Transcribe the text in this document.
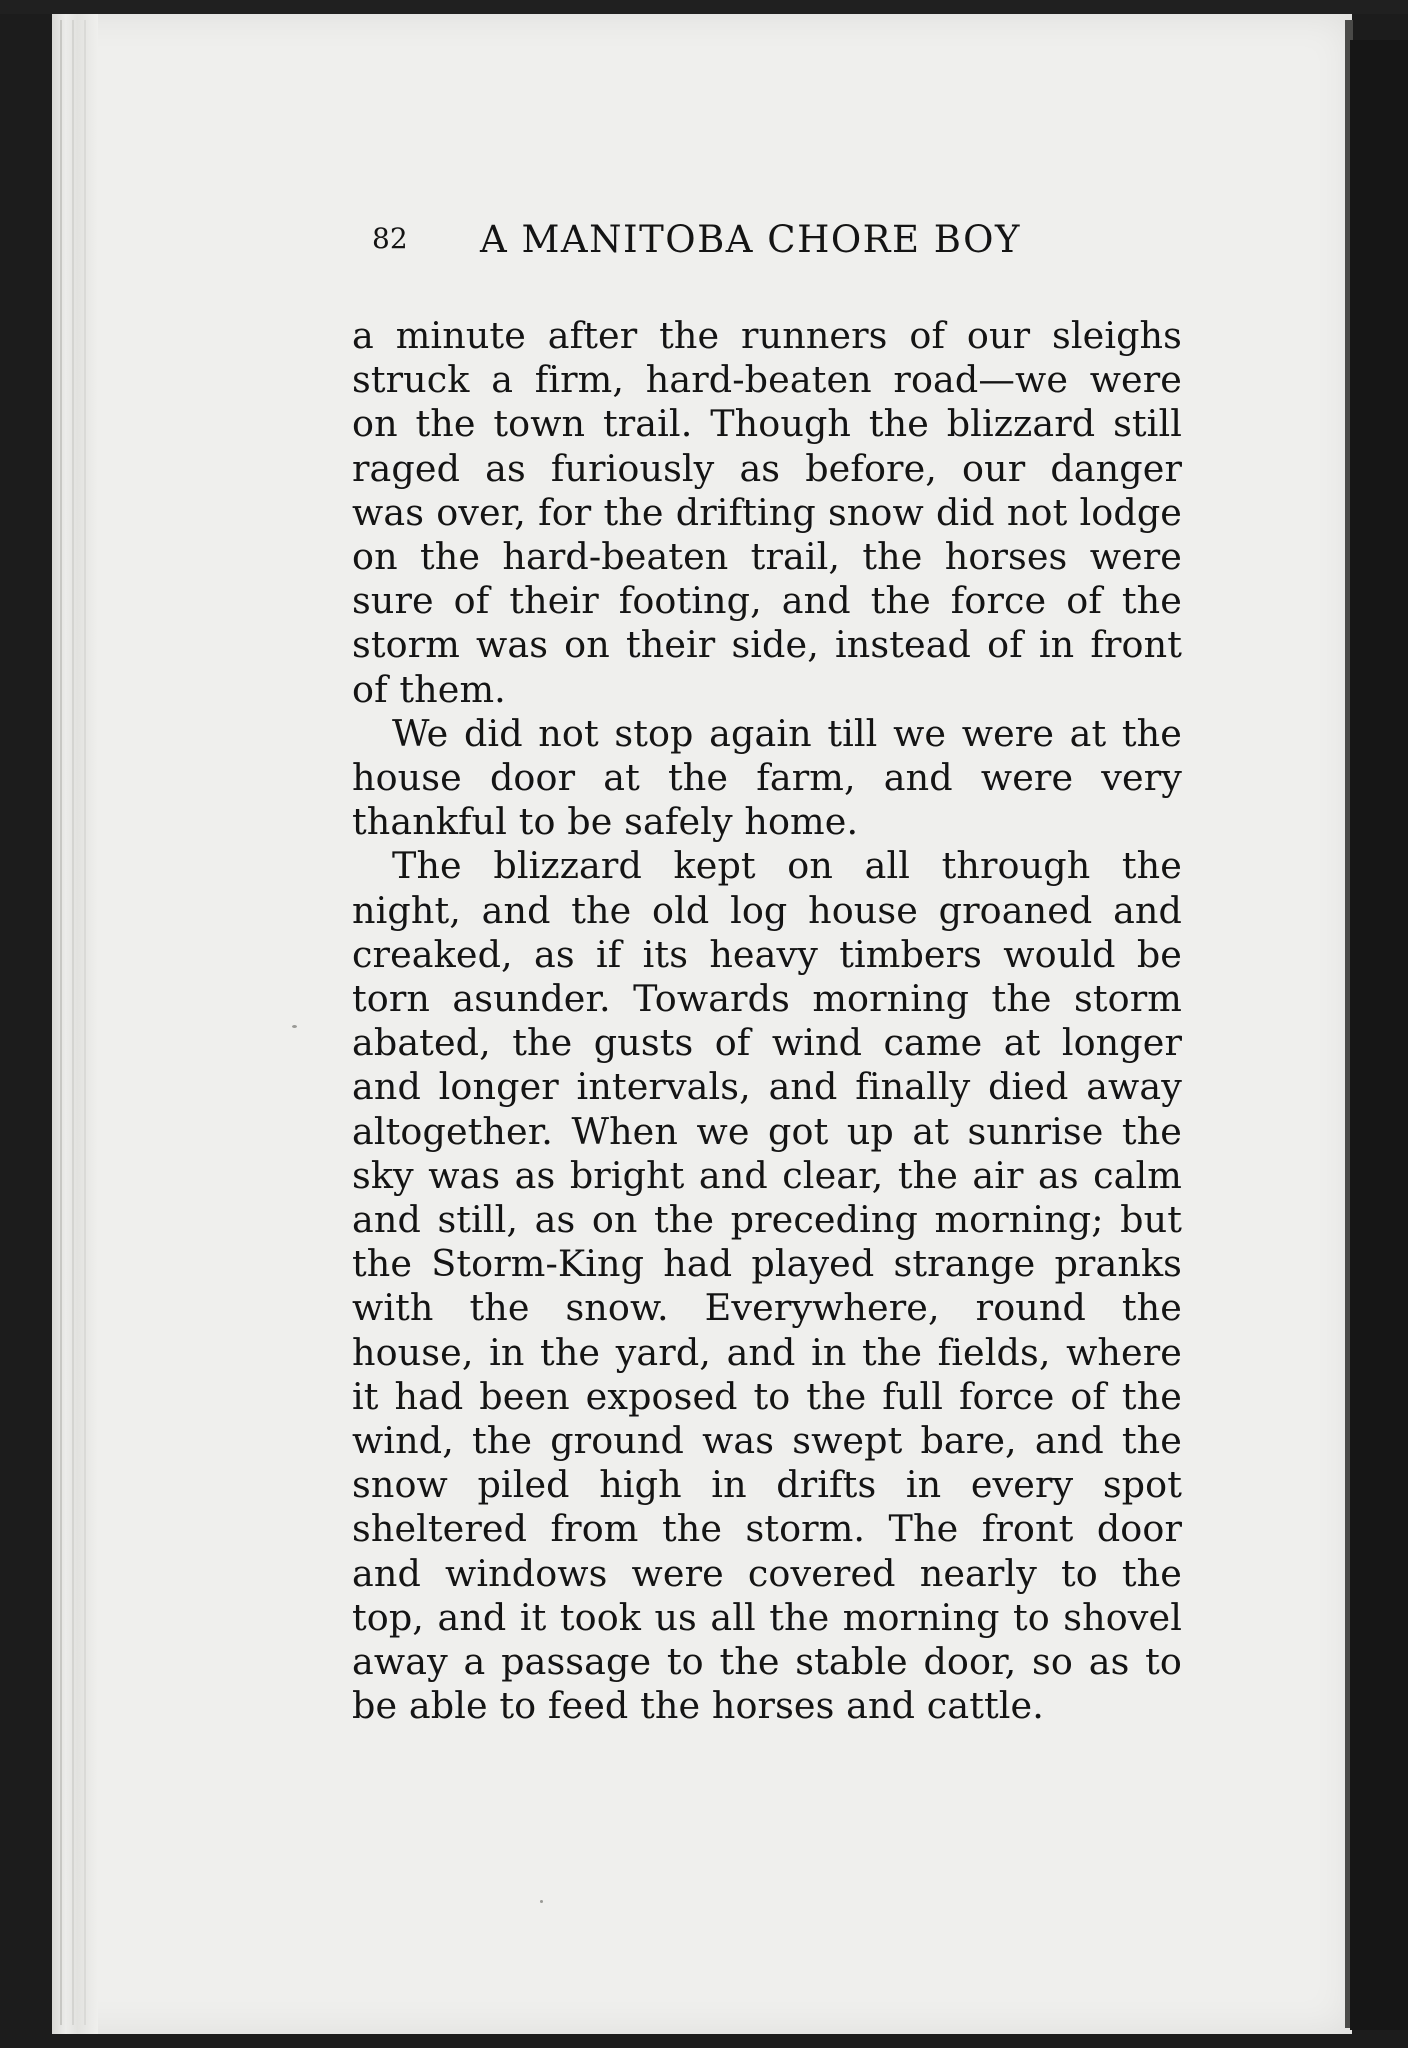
82 A MANITOBA CHORE BOY

a minute after the runners of our sleighs struck a firm, hard-beaten road—we were on the town trail. Though the blizzard still raged as furiously as before, our danger was over, for the drifting snow did not lodge on the hard-beaten trail, the horses were sure of their footing, and the force of the storm was on their side, instead of in front of them.

We did not stop again till we were at the house door at the farm, and were very thankful to be safely home.

The blizzard kept on all through the night, and the old log house groaned and creaked, as if its heavy timbers would be torn asunder. Towards morning the storm abated, the gusts of wind came at longer and longer intervals, and finally died away altogether. When we got up at sunrise the sky was as bright and clear, the air as calm and still, as on the preceding morning; but the Storm-King had played strange pranks with the snow. Everywhere, round the house, in the yard, and in the fields, where it had been exposed to the full force of the wind, the ground was swept bare, and the snow piled high in drifts in every spot sheltered from the storm. The front door and windows were covered nearly to the top, and it took us all the morning to shovel away a passage to the stable door, so as to be able to feed the horses and cattle.
